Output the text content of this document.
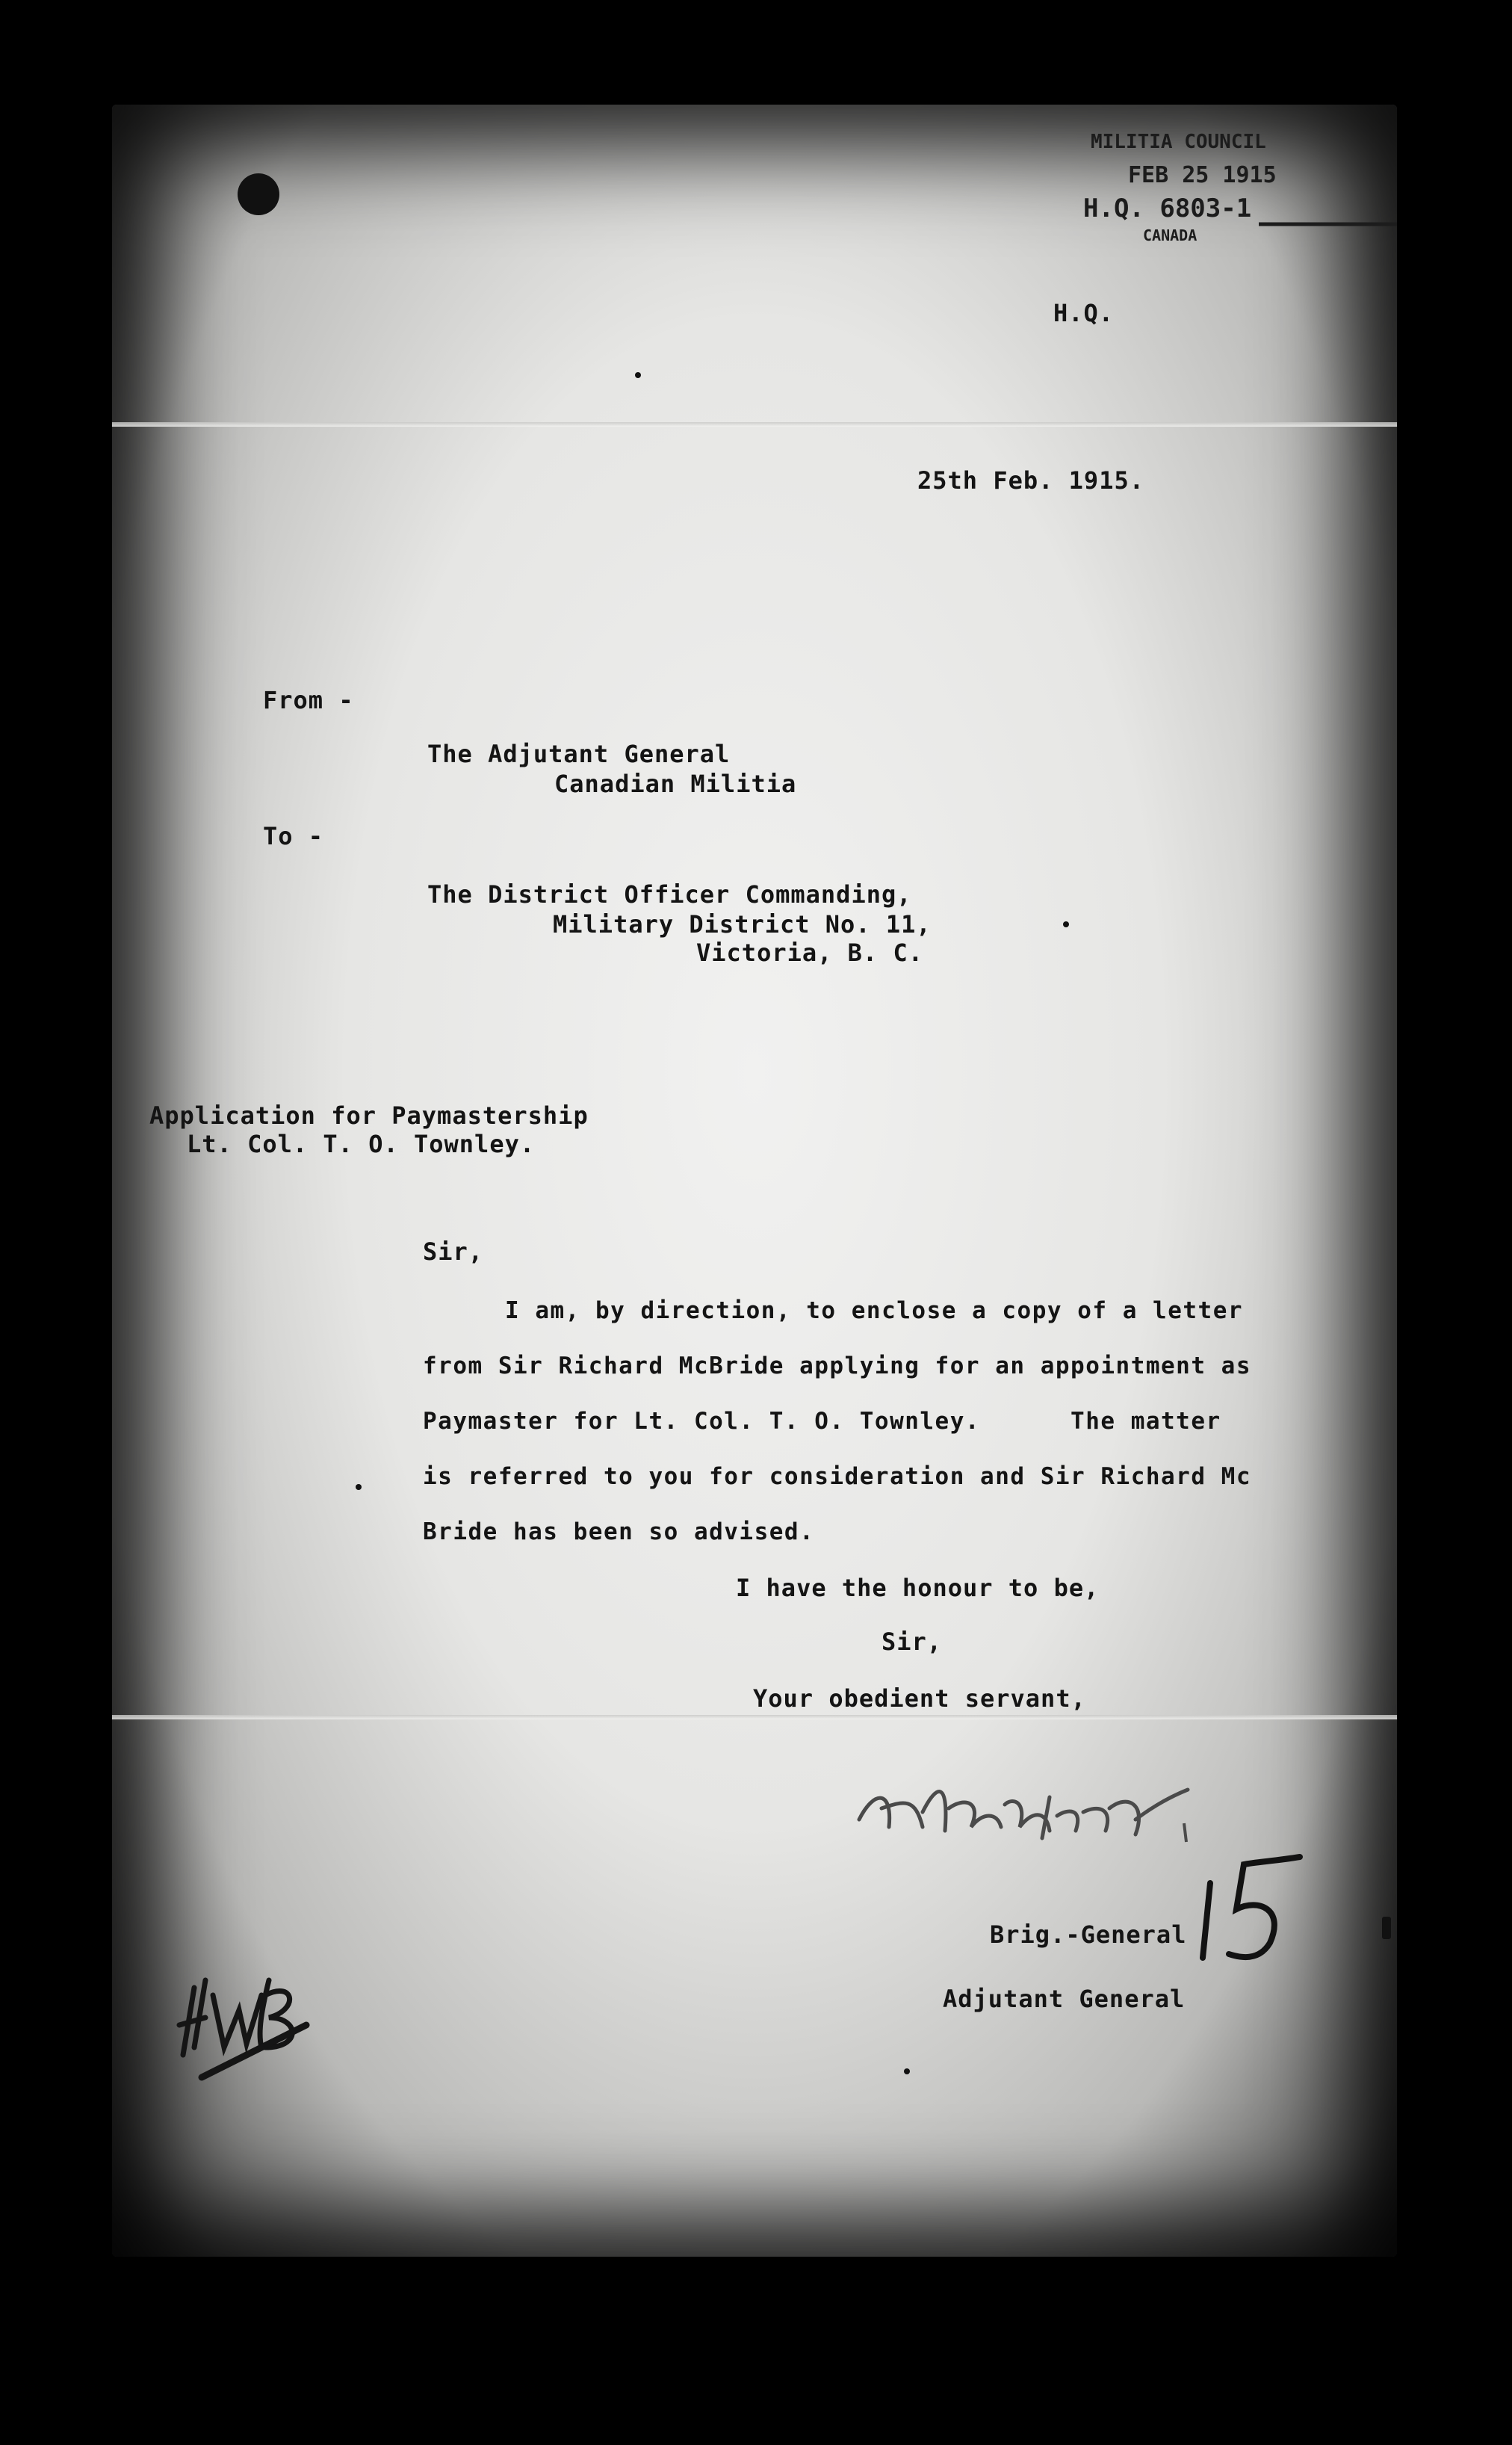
MILITIA COUNCIL
FEB 25 1915
H.Q. 6803-1
CANADA
H.Q.
25th Feb. 1915.
From -
The Adjutant General
Canadian Militia
To -
The District Officer Commanding,
Military District No. 11,
Victoria, B. C.
Application for Paymastership
Lt. Col. T. O. Townley.
Sir,
I am, by direction, to enclose a copy of a letter
from Sir Richard McBride applying for an appointment as
Paymaster for Lt. Col. T. O. Townley.      The matter
is referred to you for consideration and Sir Richard Mc
Bride has been so advised.
I have the honour to be,
Sir,
Your obedient servant,
Brig.-General
Adjutant General
